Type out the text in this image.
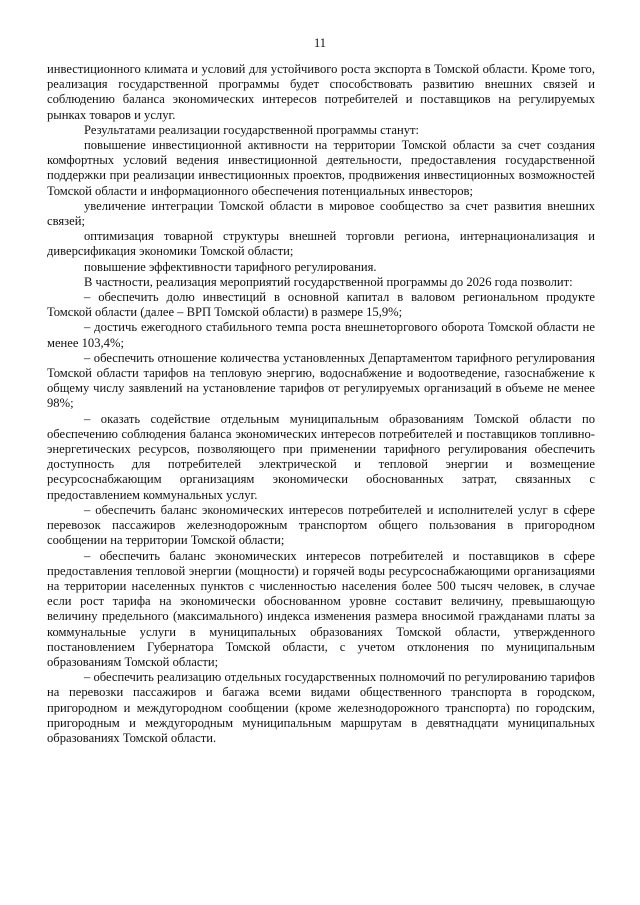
11

инвестиционного климата и условий для устойчивого роста экспорта в Томской области. Кроме того, реализация государственной программы будет способствовать развитию внешних связей и соблюдению баланса экономических интересов потребителей и поставщиков на регулируемых рынках товаров и услуг.

Результатами реализации государственной программы станут:

повышение инвестиционной активности на территории Томской области за счет создания комфортных условий ведения инвестиционной деятельности, предоставления государственной поддержки при реализации инвестиционных проектов, продвижения инвестиционных возможностей Томской области и информационного обеспечения потенциальных инвесторов;

увеличение интеграции Томской области в мировое сообщество за счет развития внешних связей;

оптимизация товарной структуры внешней торговли региона, интернационализация и диверсификация экономики Томской области;

повышение эффективности тарифного регулирования.

В частности, реализация мероприятий государственной программы до 2026 года позволит:

– обеспечить долю инвестиций в основной капитал в валовом региональном продукте Томской области (далее – ВРП Томской области) в размере 15,9%;

– достичь ежегодного стабильного темпа роста внешнеторгового оборота Томской области не менее 103,4%;

– обеспечить отношение количества установленных Департаментом тарифного регулирования Томской области тарифов на тепловую энергию, водоснабжение и водоотведение, газоснабжение к общему числу заявлений на установление тарифов от регулируемых организаций в объеме не менее 98%;

– оказать содействие отдельным муниципальным образованиям Томской области по обеспечению соблюдения баланса экономических интересов потребителей и поставщиков топливно-энергетических ресурсов, позволяющего при применении тарифного регулирования обеспечить доступность для потребителей электрической и тепловой энергии и возмещение ресурсоснабжающим организациям экономически обоснованных затрат, связанных с предоставлением коммунальных услуг.

– обеспечить баланс экономических интересов потребителей и исполнителей услуг в сфере перевозок пассажиров железнодорожным транспортом общего пользования в пригородном сообщении на территории Томской области;

– обеспечить баланс экономических интересов потребителей и поставщиков в сфере предоставления тепловой энергии (мощности) и горячей воды ресурсоснабжающими организациями на территории населенных пунктов с численностью населения более 500 тысяч человек, в случае если рост тарифа на экономически обоснованном уровне составит величину, превышающую величину предельного (максимального) индекса изменения размера вносимой гражданами платы за коммунальные услуги в муниципальных образованиях Томской области, утвержденного постановлением Губернатора Томской области, с учетом отклонения по муниципальным образованиям Томской области;

– обеспечить реализацию отдельных государственных полномочий по регулированию тарифов на перевозки пассажиров и багажа всеми видами общественного транспорта в городском, пригородном и междугородном сообщении (кроме железнодорожного транспорта) по городским, пригородным и междугородным муниципальным маршрутам в девятнадцати муниципальных образованиях Томской области.
